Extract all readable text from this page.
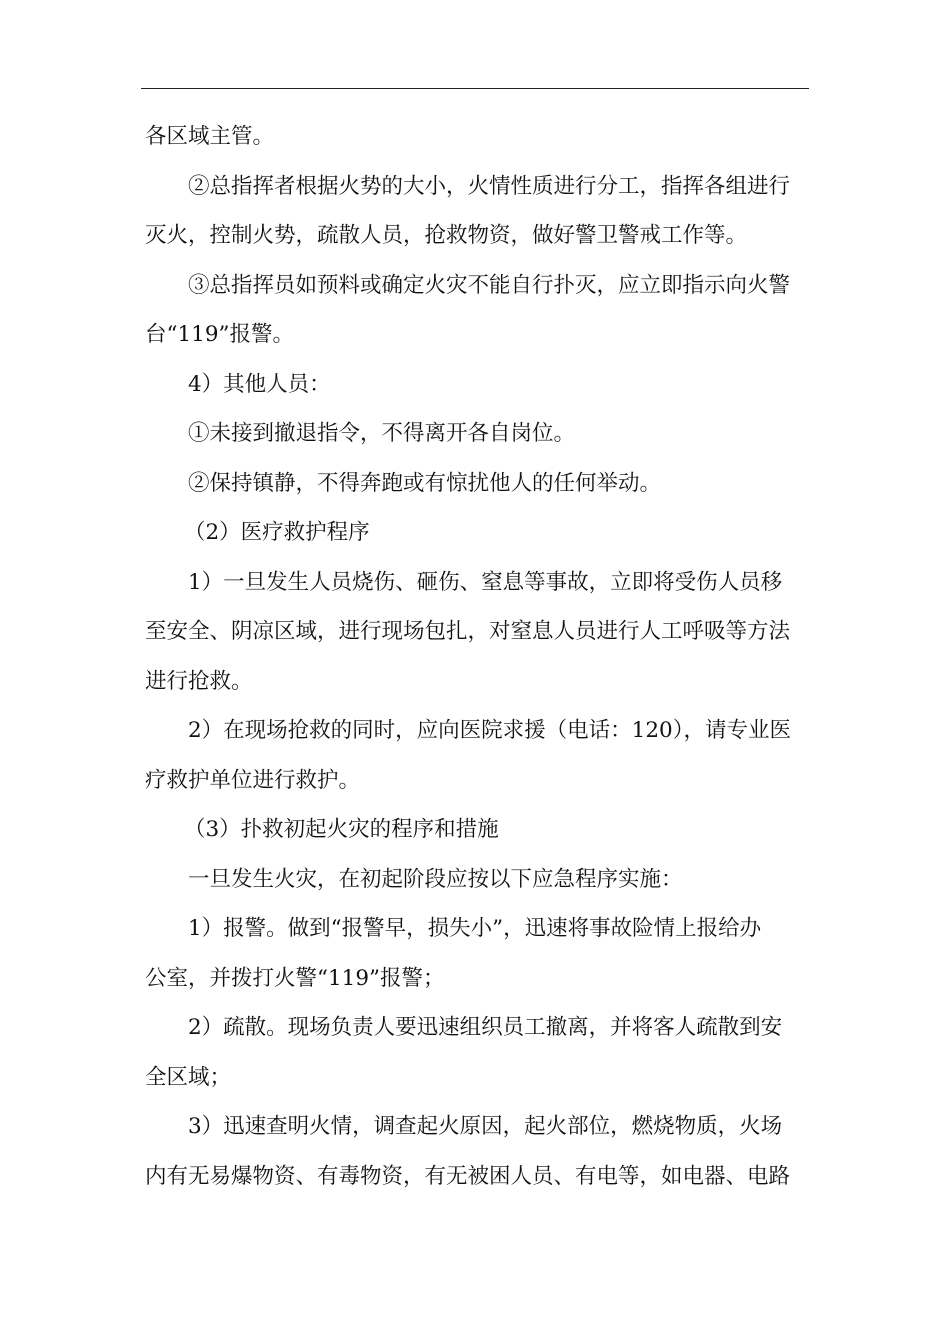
各区域主管。
②总指挥者根据火势的大小，火情性质进行分工，指挥各组进行
灭火，控制火势，疏散人员，抢救物资，做好警卫警戒工作等。
③总指挥员如预料或确定火灾不能自行扑灭，应立即指示向火警
台“119”报警。
4）其他人员：
①未接到撤退指令，不得离开各自岗位。
②保持镇静，不得奔跑或有惊扰他人的任何举动。
（2）医疗救护程序
1）一旦发生人员烧伤、砸伤、窒息等事故，立即将受伤人员移
至安全、阴凉区域，进行现场包扎，对窒息人员进行人工呼吸等方法
进行抢救。
2）在现场抢救的同时，应向医院求援（电话：120），请专业医
疗救护单位进行救护。
（3）扑救初起火灾的程序和措施
一旦发生火灾，在初起阶段应按以下应急程序实施：
1）报警。做到“报警早，损失小”，迅速将事故险情上报给办
公室，并拨打火警“119”报警；
2）疏散。现场负责人要迅速组织员工撤离，并将客人疏散到安
全区域；
3）迅速查明火情，调查起火原因，起火部位，燃烧物质，火场
内有无易爆物资、有毒物资，有无被困人员、有电等，如电器、电路
